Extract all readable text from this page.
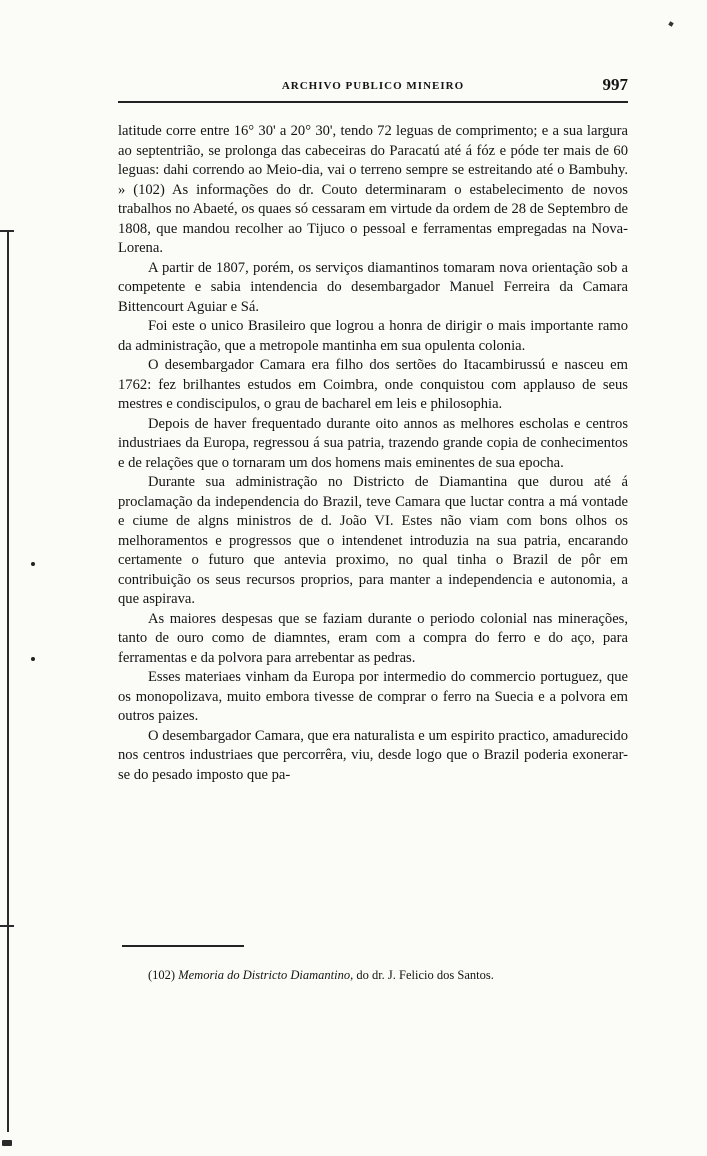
ARCHIVO PUBLICO MINEIRO	997

latitude corre entre 16° 30' a 20° 30', tendo 72 leguas de comprimento; e a sua largura ao septentrião, se prolonga das cabeceiras do Paracatú até á fóz e póde ter mais de 60 leguas: dahi correndo ao Meio-dia, vai o terreno sempre se estreitando até o Bambuhy. » (102) As informações do dr. Couto determinaram o estabelecimento de novos trabalhos no Abaeté, os quaes só cessaram em virtude da ordem de 28 de Septembro de 1808, que mandou recolher ao Tijuco o pessoal e ferramentas empregadas na Nova-Lorena.

A partir de 1807, porém, os serviços diamantinos tomaram nova orientação sob a competente e sabia intendencia do desembargador Manuel Ferreira da Camara Bittencourt Aguiar e Sá.

Foi este o unico Brasileiro que logrou a honra de dirigir o mais importante ramo da administração, que a metropole mantinha em sua opulenta colonia.

O desembargador Camara era filho dos sertões do Itacambirussú e nasceu em 1762: fez brilhantes estudos em Coimbra, onde conquistou com applauso de seus mestres e condiscipulos, o grau de bacharel em leis e philosophia.

Depois de haver frequentado durante oito annos as melhores escholas e centros industriaes da Europa, regressou á sua patria, trazendo grande copia de conhecimentos e de relações que o tornaram um dos homens mais eminentes de sua epocha.

Durante sua administração no Districto de Diamantina que durou até á proclamação da independencia do Brazil, teve Camara que luctar contra a má vontade e ciume de algns ministros de d. João VI. Estes não viam com bons olhos os melhoramentos e progressos que o intendenet introduzia na sua patria, encarando certamente o futuro que antevia proximo, no qual tinha o Brazil de pôr em contribuição os seus recursos proprios, para manter a independencia e autonomia, a que aspirava.

As maiores despesas que se faziam durante o periodo colonial nas minerações, tanto de ouro como de diamntes, eram com a compra do ferro e do aço, para ferramentas e da polvora para arrebentar as pedras.

Esses materiaes vinham da Europa por intermedio do commercio portuguez, que os monopolizava, muito embora tivesse de comprar o ferro na Suecia e a polvora em outros paizes.

O desembargador Camara, que era naturalista e um espirito practico, amadurecido nos centros industriaes que percorrêra, viu, desde logo que o Brazil poderia exonerar-se do pesado imposto que pa-

(102) Memoria do Districto Diamantino, do dr. J. Felicio dos Santos.
